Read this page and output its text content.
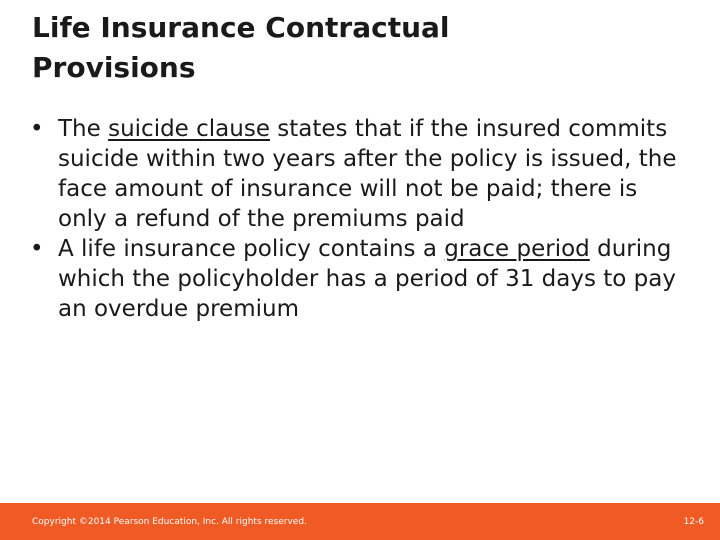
Life Insurance Contractual
Provisions
• The suicide clause states that if the insured commits suicide within two years after the policy is issued, the face amount of insurance will not be paid; there is only a refund of the premiums paid
• A life insurance policy contains a grace period during which the policyholder has a period of 31 days to pay an overdue premium
Copyright ©2014 Pearson Education, Inc. All rights reserved.	12-6
